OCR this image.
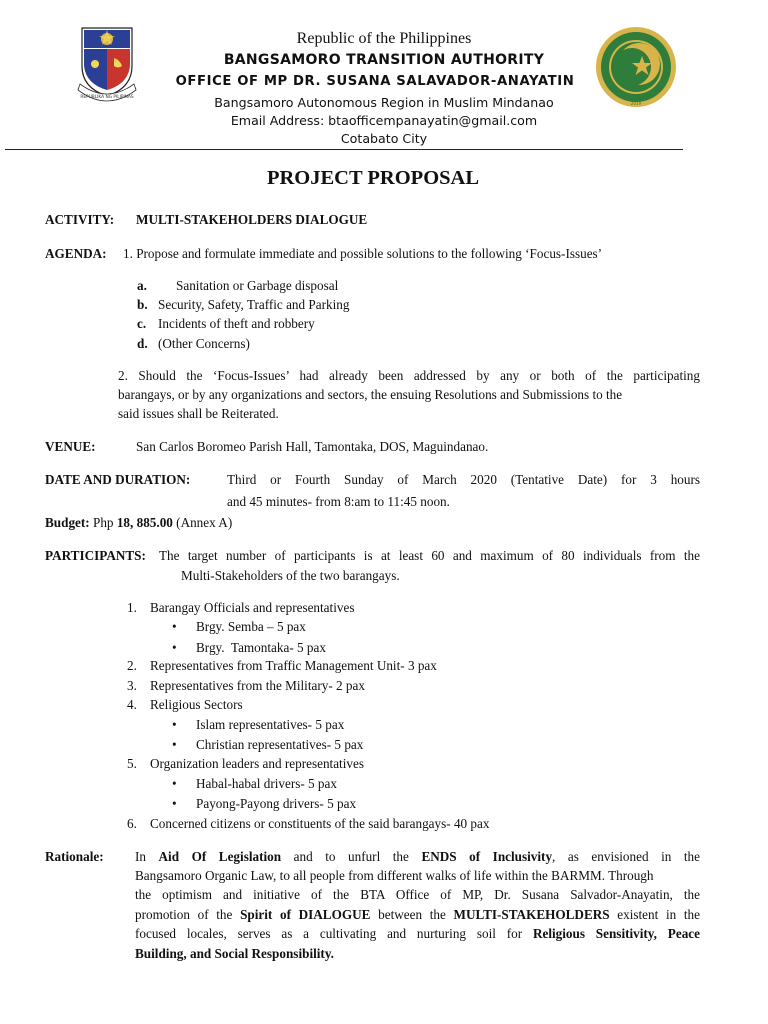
REPUBLIKA NG PILIPINAS
2019
Republic of the Philippines
BANGSAMORO TRANSITION AUTHORITY
OFFICE OF MP DR. SUSANA SALAVADOR-ANAYATIN
Bangsamoro Autonomous Region in Muslim Mindanao
Email Address: btaofficempanayatin@gmail.com
Cotabato City
PROJECT PROPOSAL
ACTIVITY: MULTI-STAKEHOLDERS DIALOGUE
AGENDA: 1. Propose and formulate immediate and possible solutions to the following ‘Focus-Issues’
a. Sanitation or Garbage disposal
b. Security, Safety, Traffic and Parking
c. Incidents of theft and robbery
d. (Other Concerns)
2. Should the ‘Focus-Issues’ had already been addressed by any or both of the participating
barangays, or by any organizations and sectors, the ensuing Resolutions and Submissions to the
said issues shall be Reiterated.
VENUE:	San Carlos Boromeo Parish Hall, Tamontaka, DOS, Maguindanao.
DATE AND DURATION:	Third or Fourth Sunday of March 2020 (Tentative Date) for 3 hours
and 45 minutes- from 8:am to 11:45 noon.
Budget: Php 18, 885.00 (Annex A)
PARTICIPANTS: The target number of participants is at least 60 and maximum of 80 individuals from the
Multi-Stakeholders of the two barangays.
1. Barangay Officials and representatives
• Brgy. Semba – 5 pax
• Brgy.  Tamontaka- 5 pax
2. Representatives from Traffic Management Unit- 3 pax
3. Representatives from the Military- 2 pax
4. Religious Sectors
• Islam representatives- 5 pax
• Christian representatives- 5 pax
5. Organization leaders and representatives
• Habal-habal drivers- 5 pax
• Payong-Payong drivers- 5 pax
6. Concerned citizens or constituents of the said barangays- 40 pax
Rationale: In Aid Of Legislation and to unfurl the ENDS of Inclusivity, as envisioned in the
Bangsamoro Organic Law, to all people from different walks of life within the BARMM. Through
the optimism and initiative of the BTA Office of MP, Dr. Susana Salvador-Anayatin, the
promotion of the Spirit of DIALOGUE between the MULTI-STAKEHOLDERS existent in the
focused locales, serves as a cultivating and nurturing soil for Religious Sensitivity, Peace
Building, and Social Responsibility.
